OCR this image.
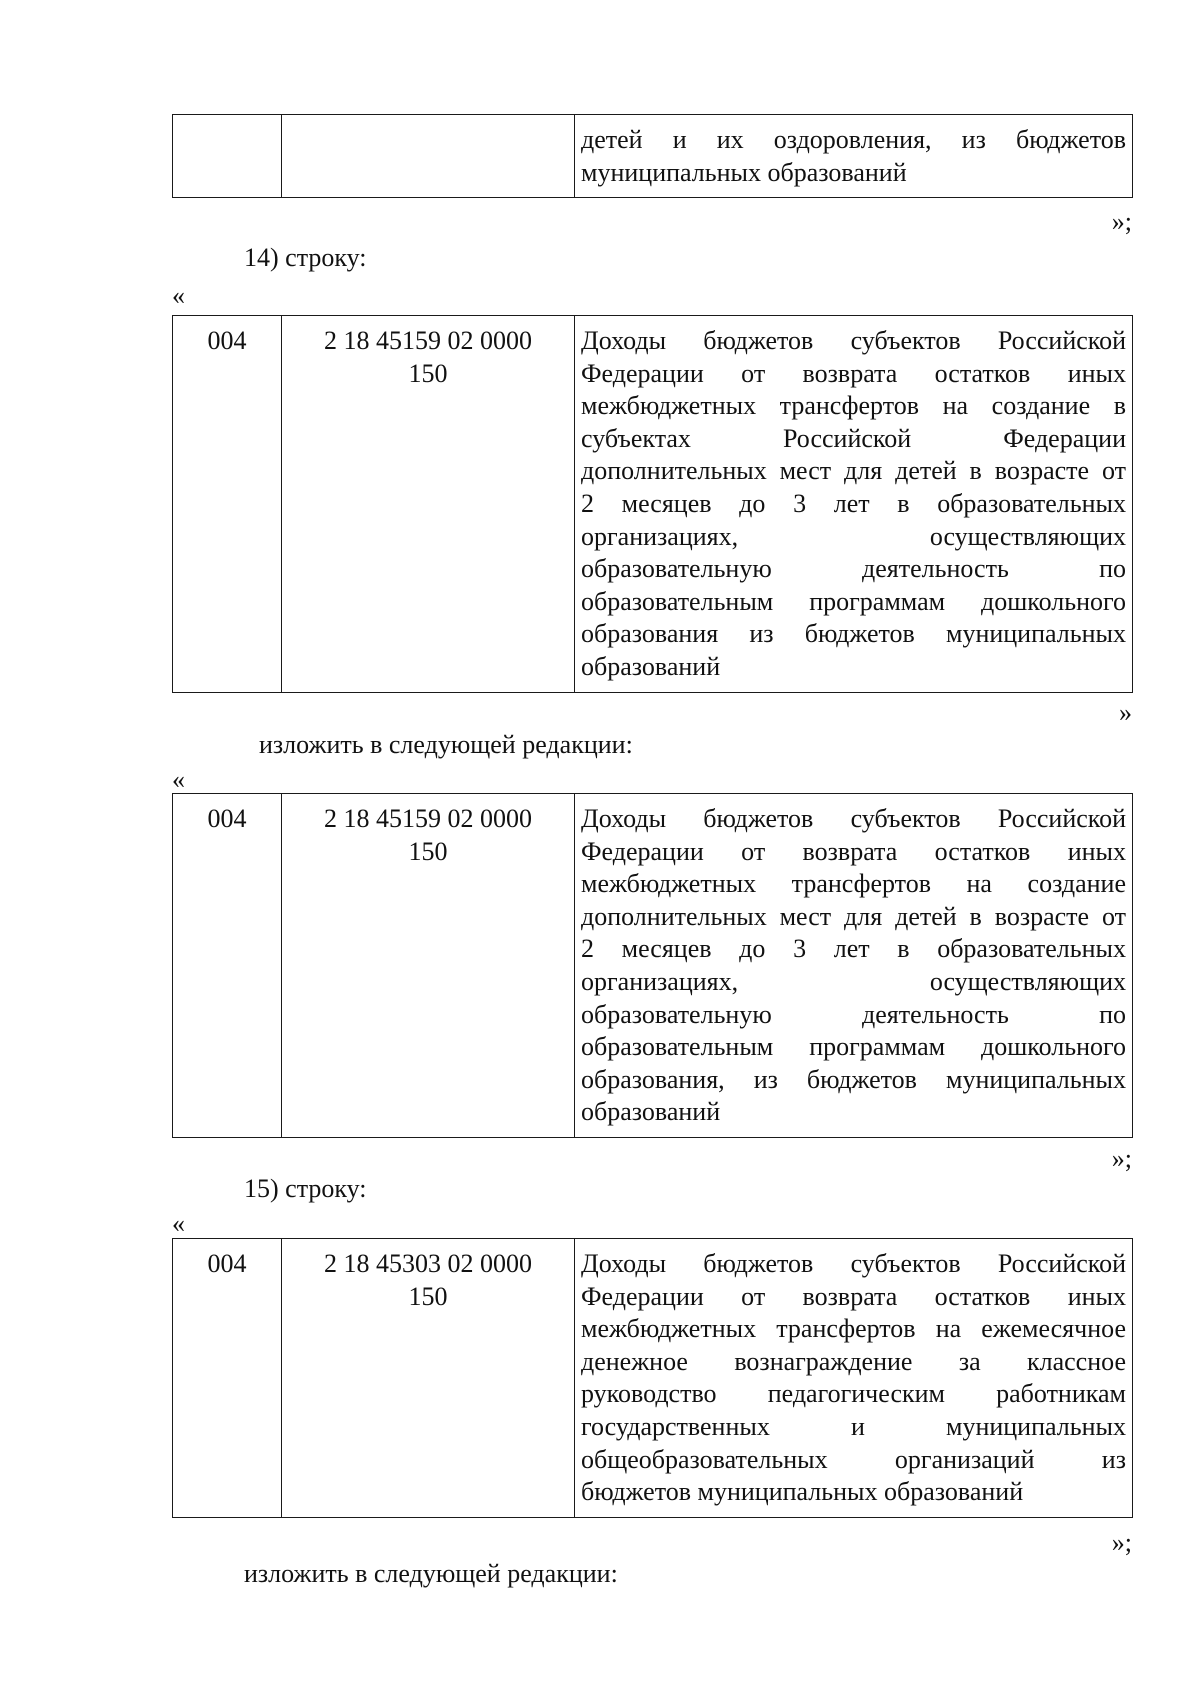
детей и их оздоровления, из бюджетов
муниципальных образований
»;
14) строку:
«
004	2 18 45159 02 0000
150

Доходы бюджетов субъектов Российской
Федерации от возврата остатков иных
межбюджетных трансфертов на создание в
субъектах Российской Федерации
дополнительных мест для детей в возрасте от
2 месяцев до 3 лет в образовательных
организациях, осуществляющих
образовательную деятельность по
образовательным программам дошкольного
образования из бюджетов муниципальных
образований
»
изложить в следующей редакции:
«
004	2 18 45159 02 0000
150

Доходы бюджетов субъектов Российской
Федерации от возврата остатков иных
межбюджетных трансфертов на создание
дополнительных мест для детей в возрасте от
2 месяцев до 3 лет в образовательных
организациях, осуществляющих
образовательную деятельность по
образовательным программам дошкольного
образования, из бюджетов муниципальных
образований
»;
15) строку:
«
004	2 18 45303 02 0000
150

Доходы бюджетов субъектов Российской
Федерации от возврата остатков иных
межбюджетных трансфертов на ежемесячное
денежное вознаграждение за классное
руководство педагогическим работникам
государственных и муниципальных
общеобразовательных организаций из
бюджетов муниципальных образований
»;
изложить в следующей редакции:
